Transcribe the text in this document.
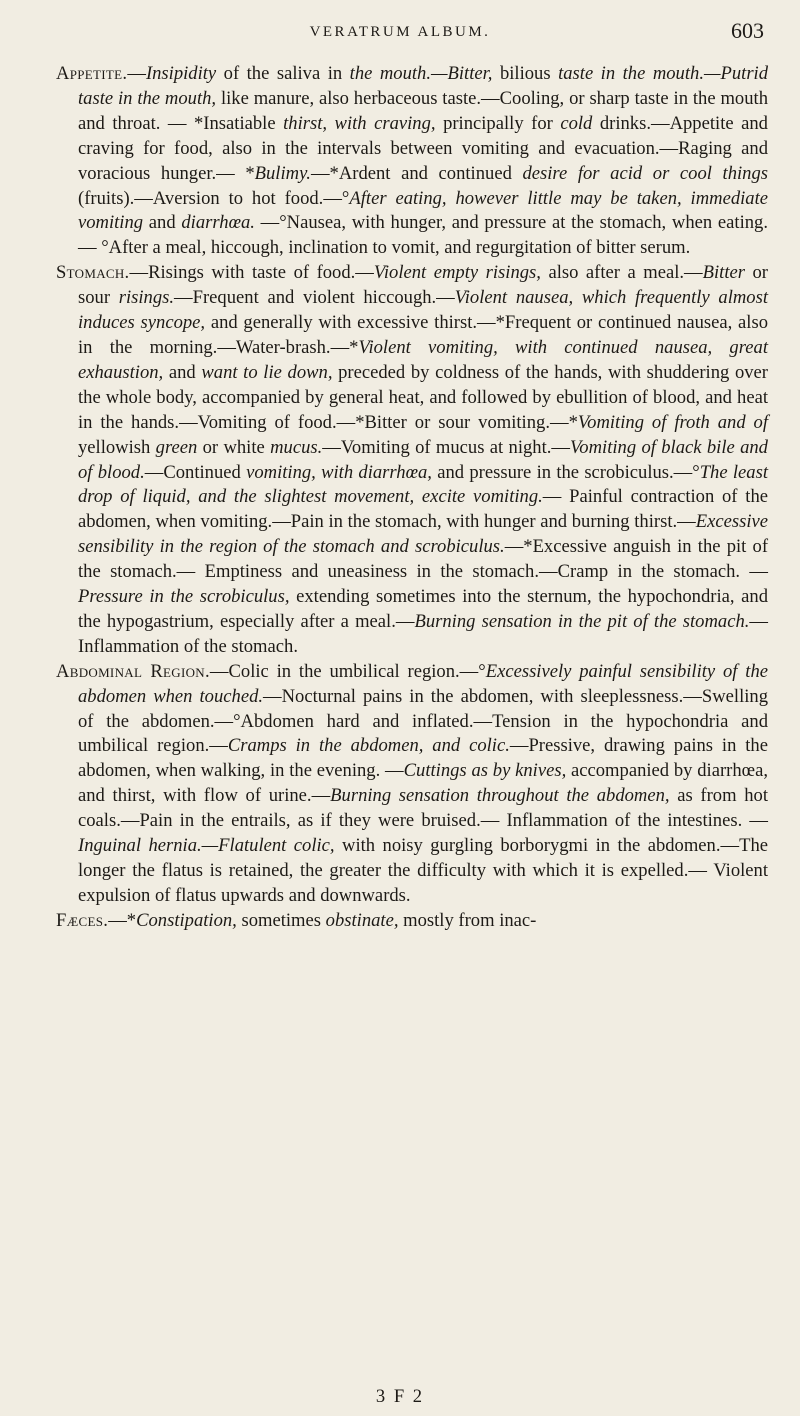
VERATRUM ALBUM.	603

Appetite.—Insipidity of the saliva in the mouth.—Bitter, bilious taste in the mouth.—Putrid taste in the mouth, like manure, also herbaceous taste.—Cooling, or sharp taste in the mouth and throat. — *Insatiable thirst, with craving, principally for cold drinks.—Appetite and craving for food, also in the intervals between vomiting and evacuation.—Raging and voracious hunger.— *Bulimy.—*Ardent and continued desire for acid or cool things (fruits).—Aversion to hot food.—°After eating, however little may be taken, immediate vomiting and diarrhœa. —°Nausea, with hunger, and pressure at the stomach, when eating. — °After a meal, hiccough, inclination to vomit, and regurgitation of bitter serum.

Stomach.—Risings with taste of food.—Violent empty risings, also after a meal.—Bitter or sour risings.—Frequent and violent hiccough.—Violent nausea, which frequently almost induces syncope, and generally with excessive thirst.—*Frequent or continued nausea, also in the morning.—Water-brash.—*Violent vomiting, with continued nausea, great exhaustion, and want to lie down, preceded by coldness of the hands, with shuddering over the whole body, accompanied by general heat, and followed by ebullition of blood, and heat in the hands.—Vomiting of food.—*Bitter or sour vomiting.—*Vomiting of froth and of yellowish green or white mucus.—Vomiting of mucus at night.—Vomiting of black bile and of blood.—Continued vomiting, with diarrhœa, and pressure in the scrobiculus.—°The least drop of liquid, and the slightest movement, excite vomiting.— Painful contraction of the abdomen, when vomiting.—Pain in the stomach, with hunger and burning thirst.—Excessive sensibility in the region of the stomach and scrobiculus.—*Excessive anguish in the pit of the stomach.— Emptiness and uneasiness in the stomach.—Cramp in the stomach. —Pressure in the scrobiculus, extending sometimes into the sternum, the hypochondria, and the hypogastrium, especially after a meal.—Burning sensation in the pit of the stomach.—Inflammation of the stomach.

Abdominal Region.—Colic in the umbilical region.—°Excessively painful sensibility of the abdomen when touched.—Nocturnal pains in the abdomen, with sleeplessness.—Swelling of the abdomen.—°Abdomen hard and inflated.—Tension in the hypochondria and umbilical region.—Cramps in the abdomen, and colic.—Pressive, drawing pains in the abdomen, when walking, in the evening. —Cuttings as by knives, accompanied by diarrhœa, and thirst, with flow of urine.—Burning sensation throughout the abdomen, as from hot coals.—Pain in the entrails, as if they were bruised.— Inflammation of the intestines. — Inguinal hernia.—Flatulent colic, with noisy gurgling borborygmi in the abdomen.—The longer the flatus is retained, the greater the difficulty with which it is expelled.— Violent expulsion of flatus upwards and downwards.

Fæces.—*Constipation, sometimes obstinate, mostly from inac-

3 F 2
